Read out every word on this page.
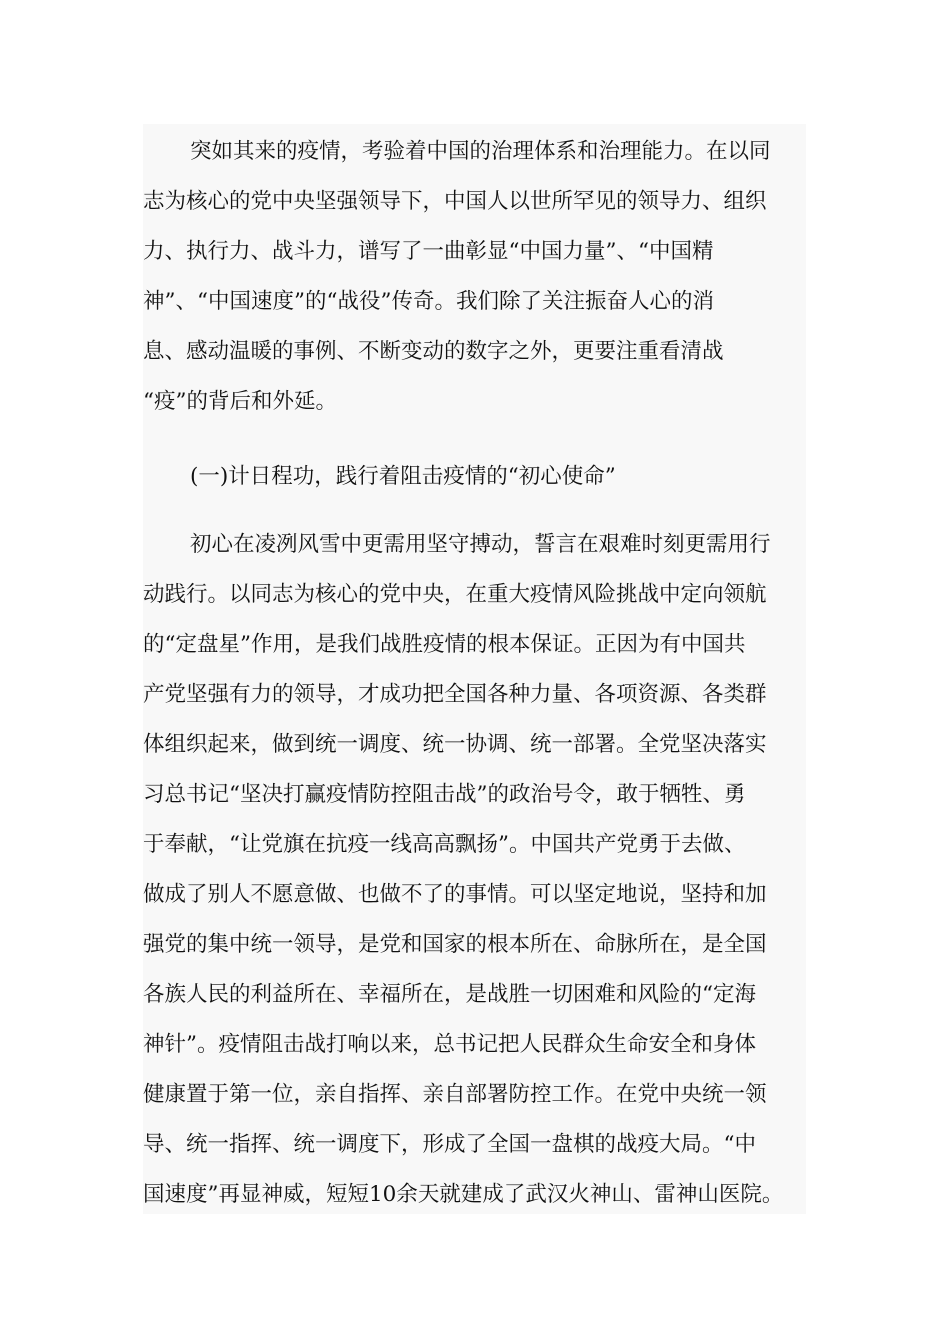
突如其来的疫情，考验着中国的治理体系和治理能力。在以同
志为核心的党中央坚强领导下，中国人以世所罕见的领导力、组织
力、执行力、战斗力，谱写了一曲彰显“中国力量”、“中国精
神”、“中国速度”的“战役”传奇。我们除了关注振奋人心的消
息、感动温暖的事例、不断变动的数字之外，更要注重看清战
“疫”的背后和外延。
(一)计日程功，践行着阻击疫情的“初心使命”
初心在凌冽风雪中更需用坚守搏动，誓言在艰难时刻更需用行
动践行。以同志为核心的党中央，在重大疫情风险挑战中定向领航
的“定盘星”作用，是我们战胜疫情的根本保证。正因为有中国共
产党坚强有力的领导，才成功把全国各种力量、各项资源、各类群
体组织起来，做到统一调度、统一协调、统一部署。全党坚决落实
习总书记“坚决打赢疫情防控阻击战”的政治号令，敢于牺牲、勇
于奉献，“让党旗在抗疫一线高高飘扬”。中国共产党勇于去做、
做成了别人不愿意做、也做不了的事情。可以坚定地说，坚持和加
强党的集中统一领导，是党和国家的根本所在、命脉所在，是全国
各族人民的利益所在、幸福所在，是战胜一切困难和风险的“定海
神针”。疫情阻击战打响以来，总书记把人民群众生命安全和身体
健康置于第一位，亲自指挥、亲自部署防控工作。在党中央统一领
导、统一指挥、统一调度下，形成了全国一盘棋的战疫大局。“中
国速度”再显神威，短短10余天就建成了武汉火神山、雷神山医院。
